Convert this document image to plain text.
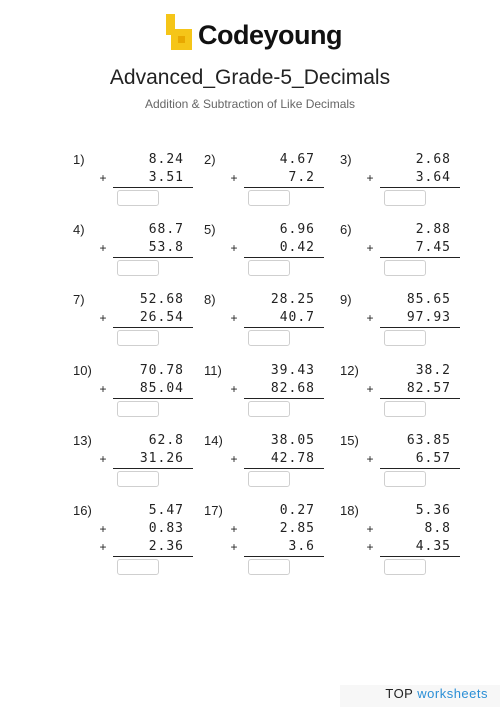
Codeyoung
Advanced_Grade-5_Decimals
Addition & Subtraction of Like Decimals
1)	8.24
+	3.51
2)	4.67
+	7.2
3)	2.68
+	3.64
4)	68.7
+	53.8
5)	6.96
+	0.42
6)	2.88
+	7.45
7)	52.68
+	26.54
8)	28.25
+	40.7
9)	85.65
+	97.93
10)	70.78
+	85.04
11)	39.43
+	82.68
12)	38.2
+	82.57
13)	62.8
+	31.26
14)	38.05
+	42.78
15)	63.85
+	6.57
16)	5.47
+	0.83
+	2.36
17)	0.27
+	2.85
+	3.6
18)	5.36
+	8.8
+	4.35
TOP worksheets
